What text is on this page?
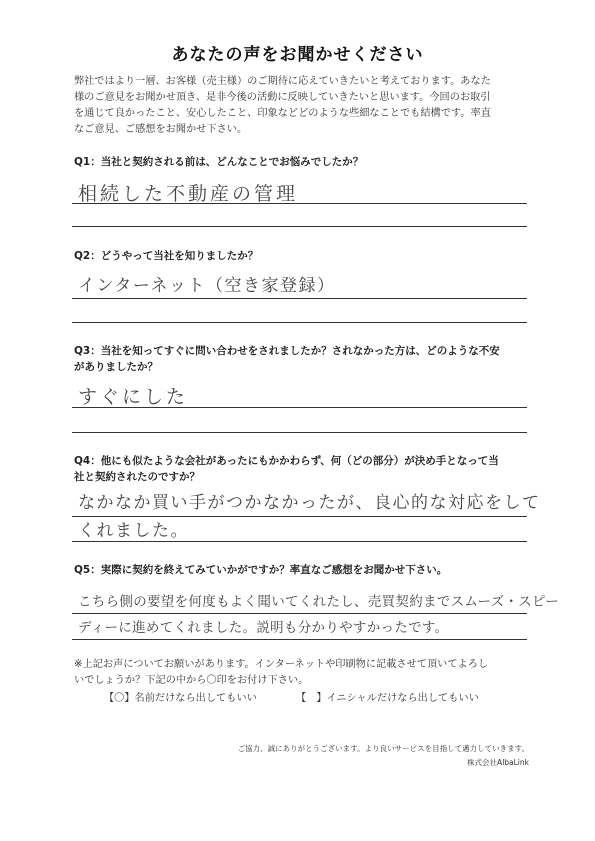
あなたの声をお聞かせください

弊社ではより一層、お客様（売主様）のご期待に応えていきたいと考えております。あなた

様のご意見をお聞かせ頂き、是非今後の活動に反映していきたいと思います。今回のお取引

を通じて良かったこと、安心したこと、印象などどのような些細なことでも結構です。率直

なご意見、ご感想をお聞かせ下さい。

Q1：当社と契約される前は、どんなことでお悩みでしたか？
相続した不動産の管理
Q2：どうやって当社を知りましたか？
インターネット（空き家登録）
Q3：当社を知ってすぐに問い合わせをされましたか？されなかった方は、どのような不安
がありましたか？
すぐにした
Q4：他にも似たような会社があったにもかかわらず、何（どの部分）が決め手となって当
社と契約されたのですか？
なかなか買い手がつかなかったが、良心的な対応をして
くれました。
Q5：実際に契約を終えてみていかがですか？率直なご感想をお聞かせ下さい。
こちら側の要望を何度もよく聞いてくれたし、売買契約までスムーズ・スピー
ディーに進めてくれました。説明も分かりやすかったです。

※上記お声についてお願いがあります。インターネットや印刷物に記載させて頂いてよろし

いでしょうか？下記の中から〇印をお付け下さい。

【〇】名前だけなら出してもいい	【　】イニシャルだけなら出してもいい
ご協力、誠にありがとうございます。より良いサービスを目指して邁力していきます。
株式会社AlbaLink
